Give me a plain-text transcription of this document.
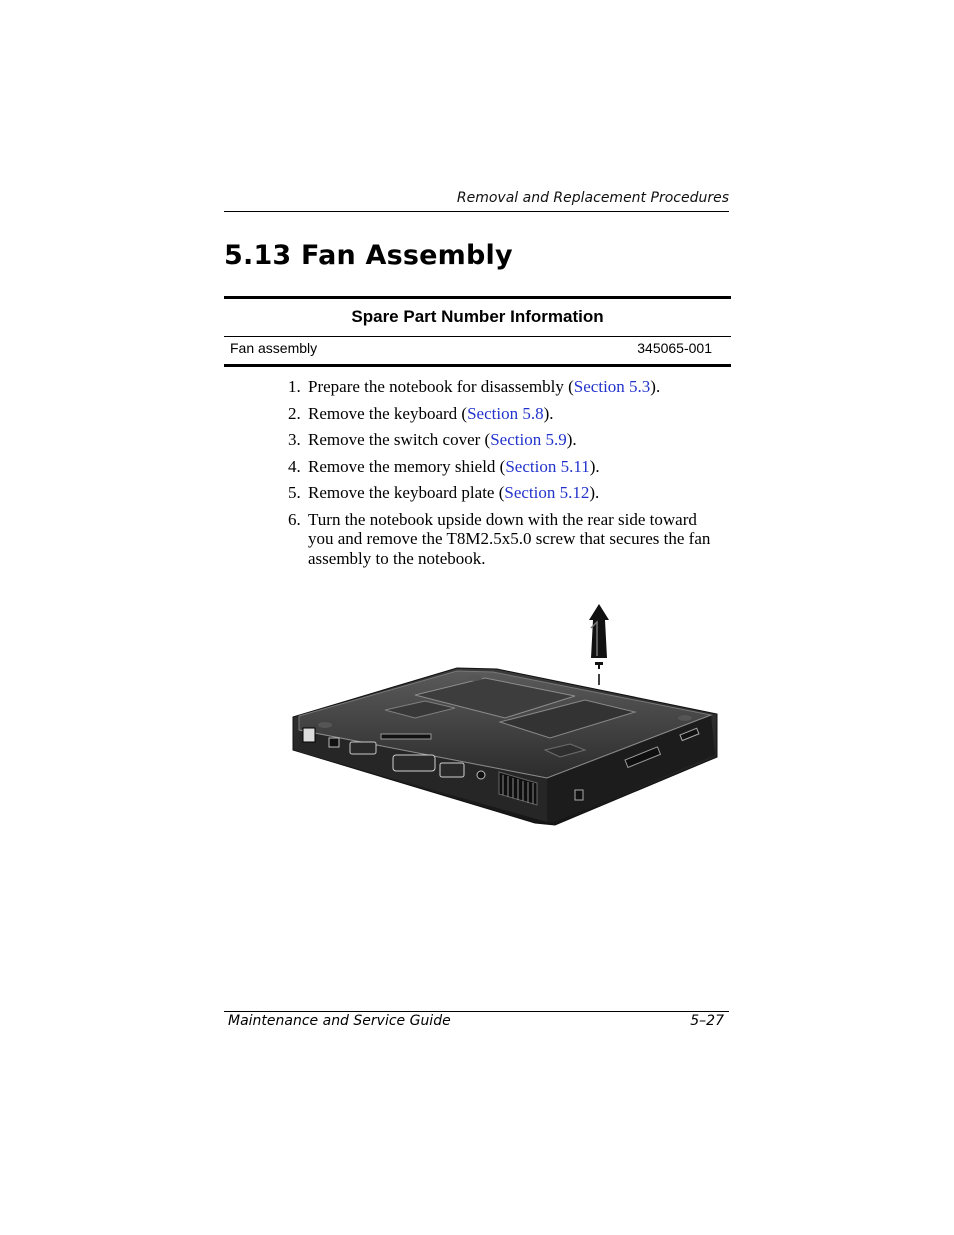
Removal and Replacement Procedures
5.13 Fan Assembly
Spare Part Number Information
Fan assembly	345065-001
1. Prepare the notebook for disassembly (Section 5.3).
2. Remove the keyboard (Section 5.8).
3. Remove the switch cover (Section 5.9).
4. Remove the memory shield (Section 5.11).
5. Remove the keyboard plate (Section 5.12).
6. Turn the notebook upside down with the rear side toward you and remove the T8M2.5x5.0 screw that secures the fan assembly to the notebook.
Maintenance and Service Guide	5–27
